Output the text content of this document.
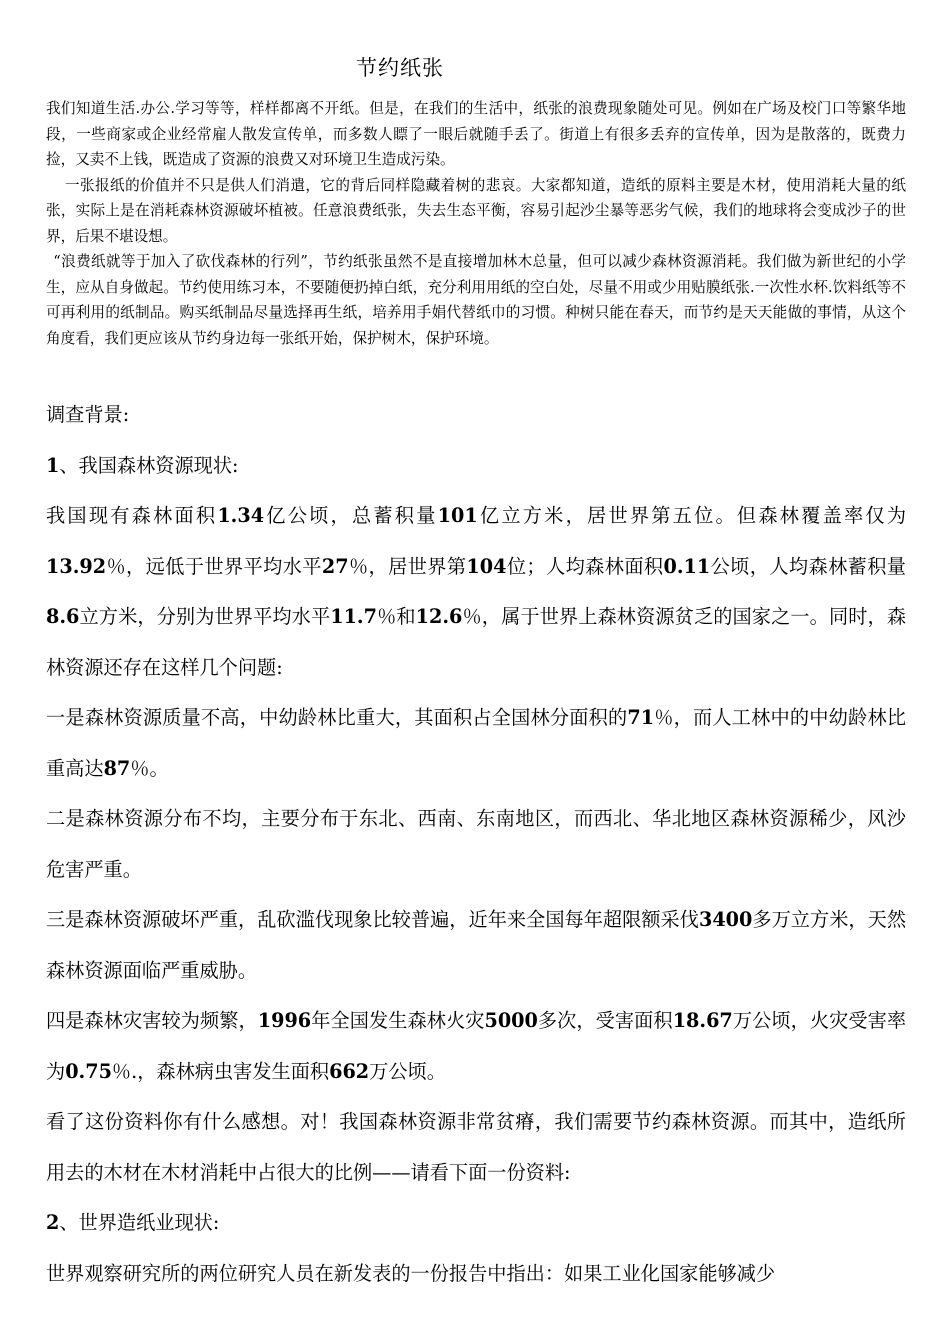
节约纸张

我们知道生活.办公.学习等等，样样都离不开纸。但是，在我们的生活中，纸张的浪费现象随处可见。例如在广场及校门口等繁华地段，一些商家或企业经常雇人散发宣传单，而多数人瞟了一眼后就随手丢了。街道上有很多丢弃的宣传单，因为是散落的，既费力捡，又卖不上钱，既造成了资源的浪费又对环境卫生造成污染。

一张报纸的价值并不只是供人们消遣，它的背后同样隐藏着树的悲哀。大家都知道，造纸的原料主要是木材，使用消耗大量的纸张，实际上是在消耗森林资源破坏植被。任意浪费纸张，失去生态平衡，容易引起沙尘暴等恶劣气候，我们的地球将会变成沙子的世界，后果不堪设想。

“浪费纸就等于加入了砍伐森林的行列”，节约纸张虽然不是直接增加林木总量，但可以减少森林资源消耗。我们做为新世纪的小学生，应从自身做起。节约使用练习本，不要随便扔掉白纸，充分利用用纸的空白处，尽量不用或少用贴膜纸张.一次性水杯.饮料纸等不可再利用的纸制品。购买纸制品尽量选择再生纸，培养用手娟代替纸巾的习惯。种树只能在春天，而节约是天天能做的事情，从这个角度看，我们更应该从节约身边每一张纸开始，保护树木，保护环境。

调查背景:

1、我国森林资源现状:

我国现有森林面积1.34亿公顷，总蓄积量101亿立方米，居世界第五位。但森林覆盖率仅为13.92％，远低于世界平均水平27％，居世界第104位；人均森林面积0.11公顷，人均森林蓄积量8.6立方米，分别为世界平均水平11.7％和12.6％，属于世界上森林资源贫乏的国家之一。同时，森林资源还存在这样几个问题:

一是森林资源质量不高，中幼龄林比重大，其面积占全国林分面积的71％，而人工林中的中幼龄林比重高达87％。

二是森林资源分布不均，主要分布于东北、西南、东南地区，而西北、华北地区森林资源稀少，风沙危害严重。

三是森林资源破坏严重，乱砍滥伐现象比较普遍，近年来全国每年超限额采伐3400多万立方米，天然森林资源面临严重威胁。

四是森林灾害较为频繁，1996年全国发生森林火灾5000多次，受害面积18.67万公顷，火灾受害率为0.75％.，森林病虫害发生面积662万公顷。

看了这份资料你有什么感想。对！我国森林资源非常贫瘠，我们需要节约森林资源。而其中，造纸所用去的木材在木材消耗中占很大的比例——请看下面一份资料:

2、世界造纸业现状:

世界观察研究所的两位研究人员在新发表的一份报告中指出：如果工业化国家能够减少
